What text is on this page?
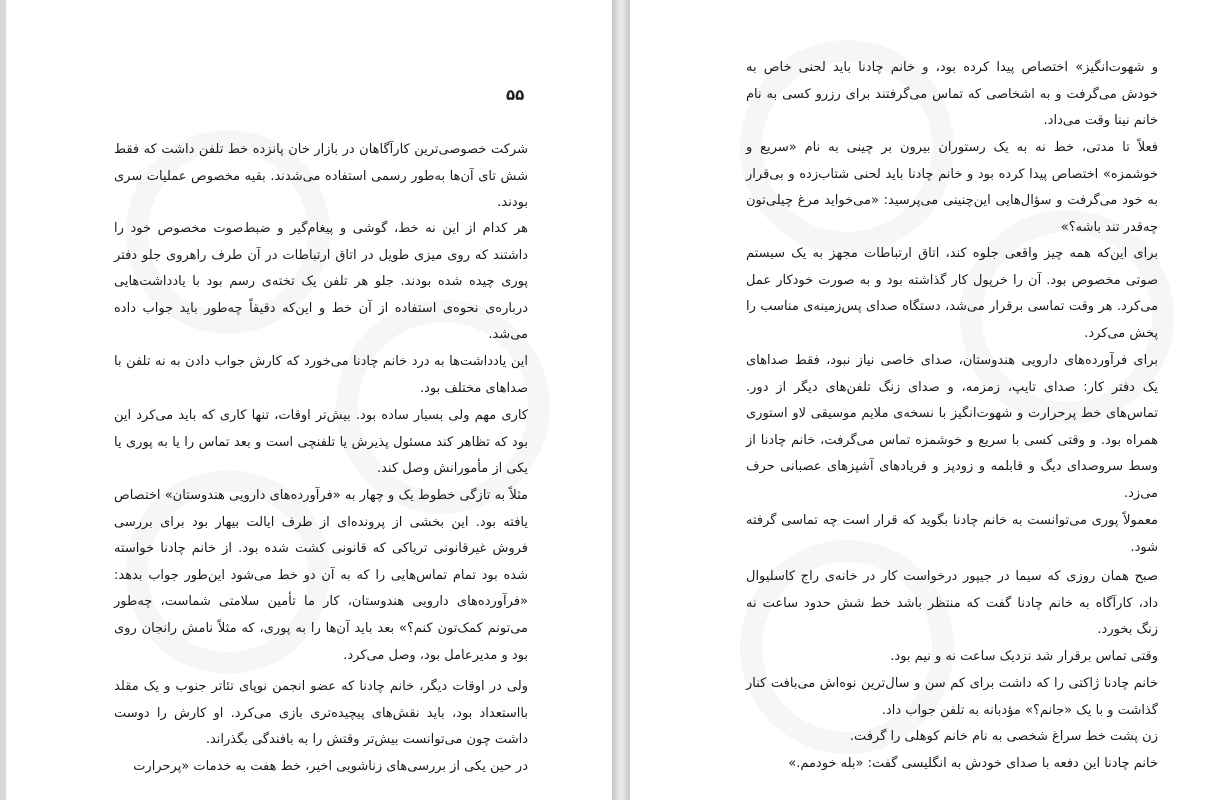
۵۵

شرکت خصوصی‌ترین کارآگاهان در بازار خان پانزده خط تلفن داشت که فقط شش تای آن‌ها به‌طور رسمی استفاده می‌شدند. بقیه مخصوص عملیات سری بودند.

هر کدام از این نه خط، گوشی و پیغام‌گیر و ضبط‌صوت مخصوص خود را داشتند که روی میزی طویل در اتاق ارتباطات در آن طرف راهروی جلو دفتر پوری چیده شده بودند. جلو هر تلفن یک تخته‌ی رسم بود با یادداشت‌هایی درباره‌ی نحوه‌ی استفاده از آن خط و این‌که دقیقاً چه‌طور باید جواب داده می‌شد.

این یادداشت‌ها به درد خانم چادنا می‌خورد که کارش جواب دادن به نه تلفن با صداهای مختلف بود.

کاری مهم ولی بسیار ساده بود. بیش‌تر اوقات، تنها کاری که باید می‌کرد این بود که تظاهر کند مسئول پذیرش یا تلفنچی است و بعد تماس را یا به پوری یا یکی از مأمورانش وصل کند.

مثلاً به تازگی خطوط یک و چهار به «فرآورده‌های دارویی هندوستان» اختصاص یافته بود. این بخشی از پرونده‌ای از طرف ایالت بیهار بود برای بررسی فروش غیرقانونی تریاکی که قانونی کشت شده بود. از خانم چادنا خواسته شده بود تمام تماس‌هایی را که به آن دو خط می‌شود این‌طور جواب بدهد: «فرآورده‌های دارویی هندوستان، کار ما تأمین سلامتی شماست، چه‌طور می‌تونم کمک‌تون کنم؟» بعد باید آن‌ها را به پوری، که مثلاً نامش رانجان روی بود و مدیرعامل بود، وصل می‌کرد.

ولی در اوقات دیگر، خانم چادنا که عضو انجمن نوپای تئاتر جنوب و یک مقلد بااستعداد بود، باید نقش‌های پیچیده‌تری بازی می‌کرد. او کارش را دوست داشت چون می‌توانست بیش‌تر وقتش را به بافندگی بگذراند.

در حین یکی از بررسی‌های زناشویی اخیر، خط هفت به خدمات «پرحرارت

و شهوت‌انگیز» اختصاص پیدا کرده بود، و خانم چادنا باید لحنی خاص به خودش می‌گرفت و به اشخاصی که تماس می‌گرفتند برای رزرو کسی به نام خانم نینا وقت می‌داد.

فعلاً تا مدتی، خط نه به یک رستوران بیرون بر چینی به نام «سریع و خوشمزه» اختصاص پیدا کرده بود و خانم چادنا باید لحنی شتاب‌زده و بی‌قرار به خود می‌گرفت و سؤال‌هایی این‌چنینی می‌پرسید: «می‌خواید مرغ چیلی‌تون چه‌قدر تند باشه؟»

برای این‌که همه چیز واقعی جلوه کند، اتاق ارتباطات مجهز به یک سیستم صوتی مخصوص بود. آن را خرپول کار گذاشته بود و به صورت خودکار عمل می‌کرد. هر وقت تماسی برقرار می‌شد، دستگاه صدای پس‌زمینه‌ی مناسب را پخش می‌کرد.

برای فرآورده‌های دارویی هندوستان، صدای خاصی نیاز نبود، فقط صداهای یک دفتر کار: صدای تایپ، زمزمه، و صدای زنگ تلفن‌های دیگر از دور. تماس‌های خط پرحرارت و شهوت‌انگیز با نسخه‌ی ملایم موسیقی لاو استوری همراه بود. و وقتی کسی با سریع و خوشمزه تماس می‌گرفت، خانم چادنا از وسط سروصدای دیگ و قابلمه و زودپز و فریادهای آشپزهای عصبانی حرف می‌زد.

معمولاً پوری می‌توانست به خانم چادنا بگوید که قرار است چه تماسی گرفته شود.

صبح همان روزی که سیما در جیپور درخواست کار در خانه‌ی راج کاسلیوال داد، کارآگاه به خانم چادنا گفت که منتظر باشد خط شش حدود ساعت نه زنگ بخورد.

وقتی تماس برقرار شد نزدیک ساعت نه و نیم بود.

خانم چادنا ژاکتی را که داشت برای کم سن و سال‌ترین نوه‌اش می‌بافت کنار گذاشت و با یک «جانم؟» مؤدبانه به تلفن جواب داد.

زن پشت خط سراغ شخصی به نام خانم کوهلی را گرفت.

خانم چادنا این دفعه با صدای خودش به انگلیسی گفت: «بله خودمم.»
